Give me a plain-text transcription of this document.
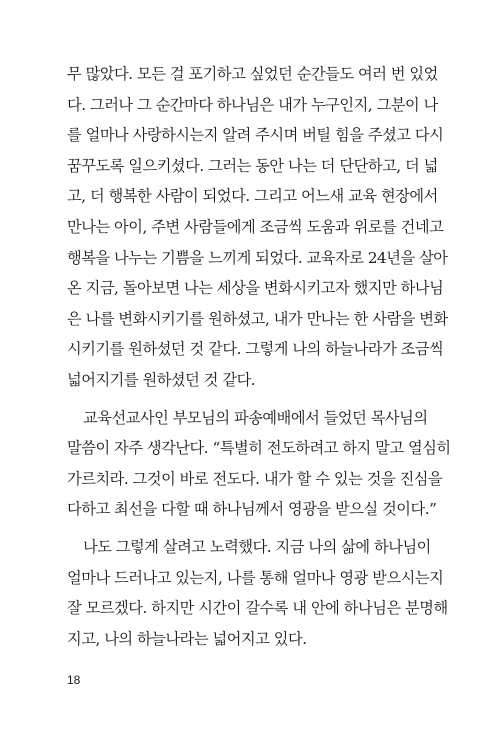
무 많았다. 모든 걸 포기하고 싶었던 순간들도 여러 번 있었
다. 그러나 그 순간마다 하나님은 내가 누구인지, 그분이 나
를 얼마나 사랑하시는지 알려 주시며 버틸 힘을 주셨고 다시
꿈꾸도록 일으키셨다. 그러는 동안 나는 더 단단하고, 더 넓
고, 더 행복한 사람이 되었다. 그리고 어느새 교육 현장에서
만나는 아이, 주변 사람들에게 조금씩 도움과 위로를 건네고
행복을 나누는 기쁨을 느끼게 되었다. 교육자로 24년을 살아
온 지금, 돌아보면 나는 세상을 변화시키고자 했지만 하나님
은 나를 변화시키기를 원하셨고, 내가 만나는 한 사람을 변화
시키기를 원하셨던 것 같다. 그렇게 나의 하늘나라가 조금씩
넓어지기를 원하셨던 것 같다.

교육선교사인 부모님의 파송예배에서 들었던 목사님의
말씀이 자주 생각난다. “특별히 전도하려고 하지 말고 열심히
가르치라. 그것이 바로 전도다. 내가 할 수 있는 것을 진심을
다하고 최선을 다할 때 하나님께서 영광을 받으실 것이다.”

나도 그렇게 살려고 노력했다. 지금 나의 삶에 하나님이
얼마나 드러나고 있는지, 나를 통해 얼마나 영광 받으시는지
잘 모르겠다. 하지만 시간이 갈수록 내 안에 하나님은 분명해
지고, 나의 하늘나라는 넓어지고 있다.

18
